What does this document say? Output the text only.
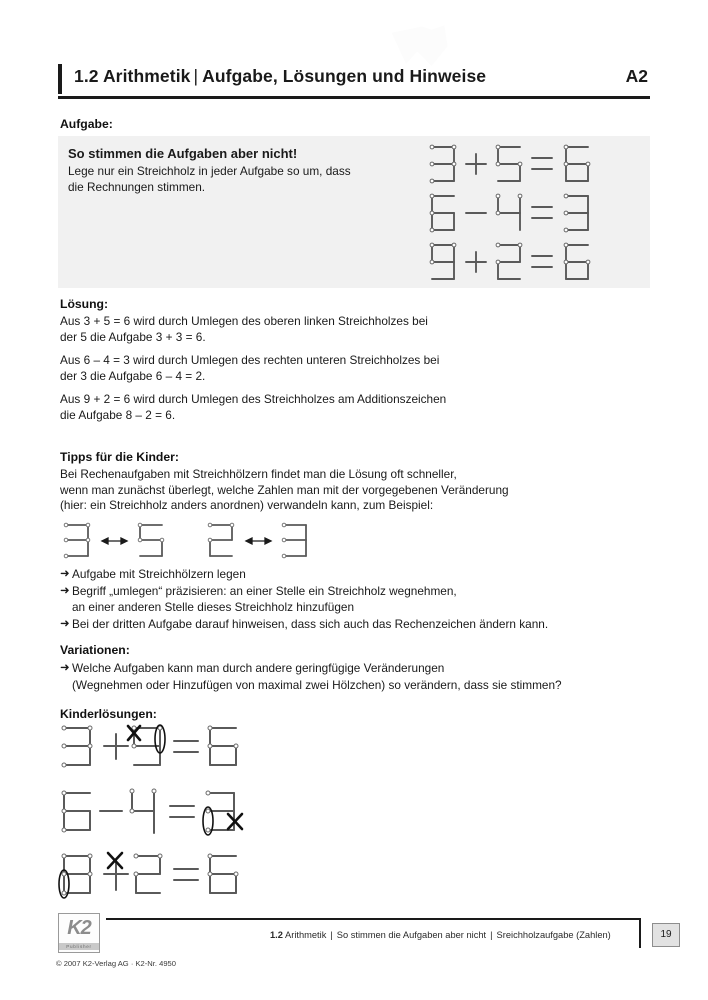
1.2 Arithmetik | Aufgabe, Lösungen und Hinweise	A2
Aufgabe:
So stimmen die Aufgaben aber nicht!
Lege nur ein Streichholz in jeder Aufgabe so um, dass
die Rechnungen stimmen.
Lösung:
Aus 3 + 5 = 6 wird durch Umlegen des oberen linken Streichholzes bei
der 5 die Aufgabe 3 + 3 = 6.
Aus 6 – 4 = 3 wird durch Umlegen des rechten unteren Streichholzes bei
der 3 die Aufgabe 6 – 4 = 2.
Aus 9 + 2 = 6 wird durch Umlegen des Streichholzes am Additionszeichen
die Aufgabe 8 – 2 = 6.
Tipps für die Kinder:
Bei Rechenaufgaben mit Streichhölzern findet man die Lösung oft schneller,
wenn man zunächst überlegt, welche Zahlen man mit der vorgegebenen Veränderung
(hier: ein Streichholz anders anordnen) verwandeln kann, zum Beispiel:
➜ Aufgabe mit Streichhölzern legen
➜ Begriff „umlegen“ präzisieren: an einer Stelle ein Streichholz wegnehmen,
an einer anderen Stelle dieses Streichholz hinzufügen
➜ Bei der dritten Aufgabe darauf hinweisen, dass sich auch das Rechenzeichen ändern kann.
Variationen:
➜ Welche Aufgaben kann man durch andere geringfügige Veränderungen
(Wegnehmen oder Hinzufügen von maximal zwei Hölzchen) so verändern, dass sie stimmen?
Kinderlösungen:
K2
Publisher
1.2 Arithmetik | So stimmen die Aufgaben aber nicht | Sreichholzaufgabe (Zahlen)	19
© 2007 K2-Verlag AG · K2-Nr. 4950
